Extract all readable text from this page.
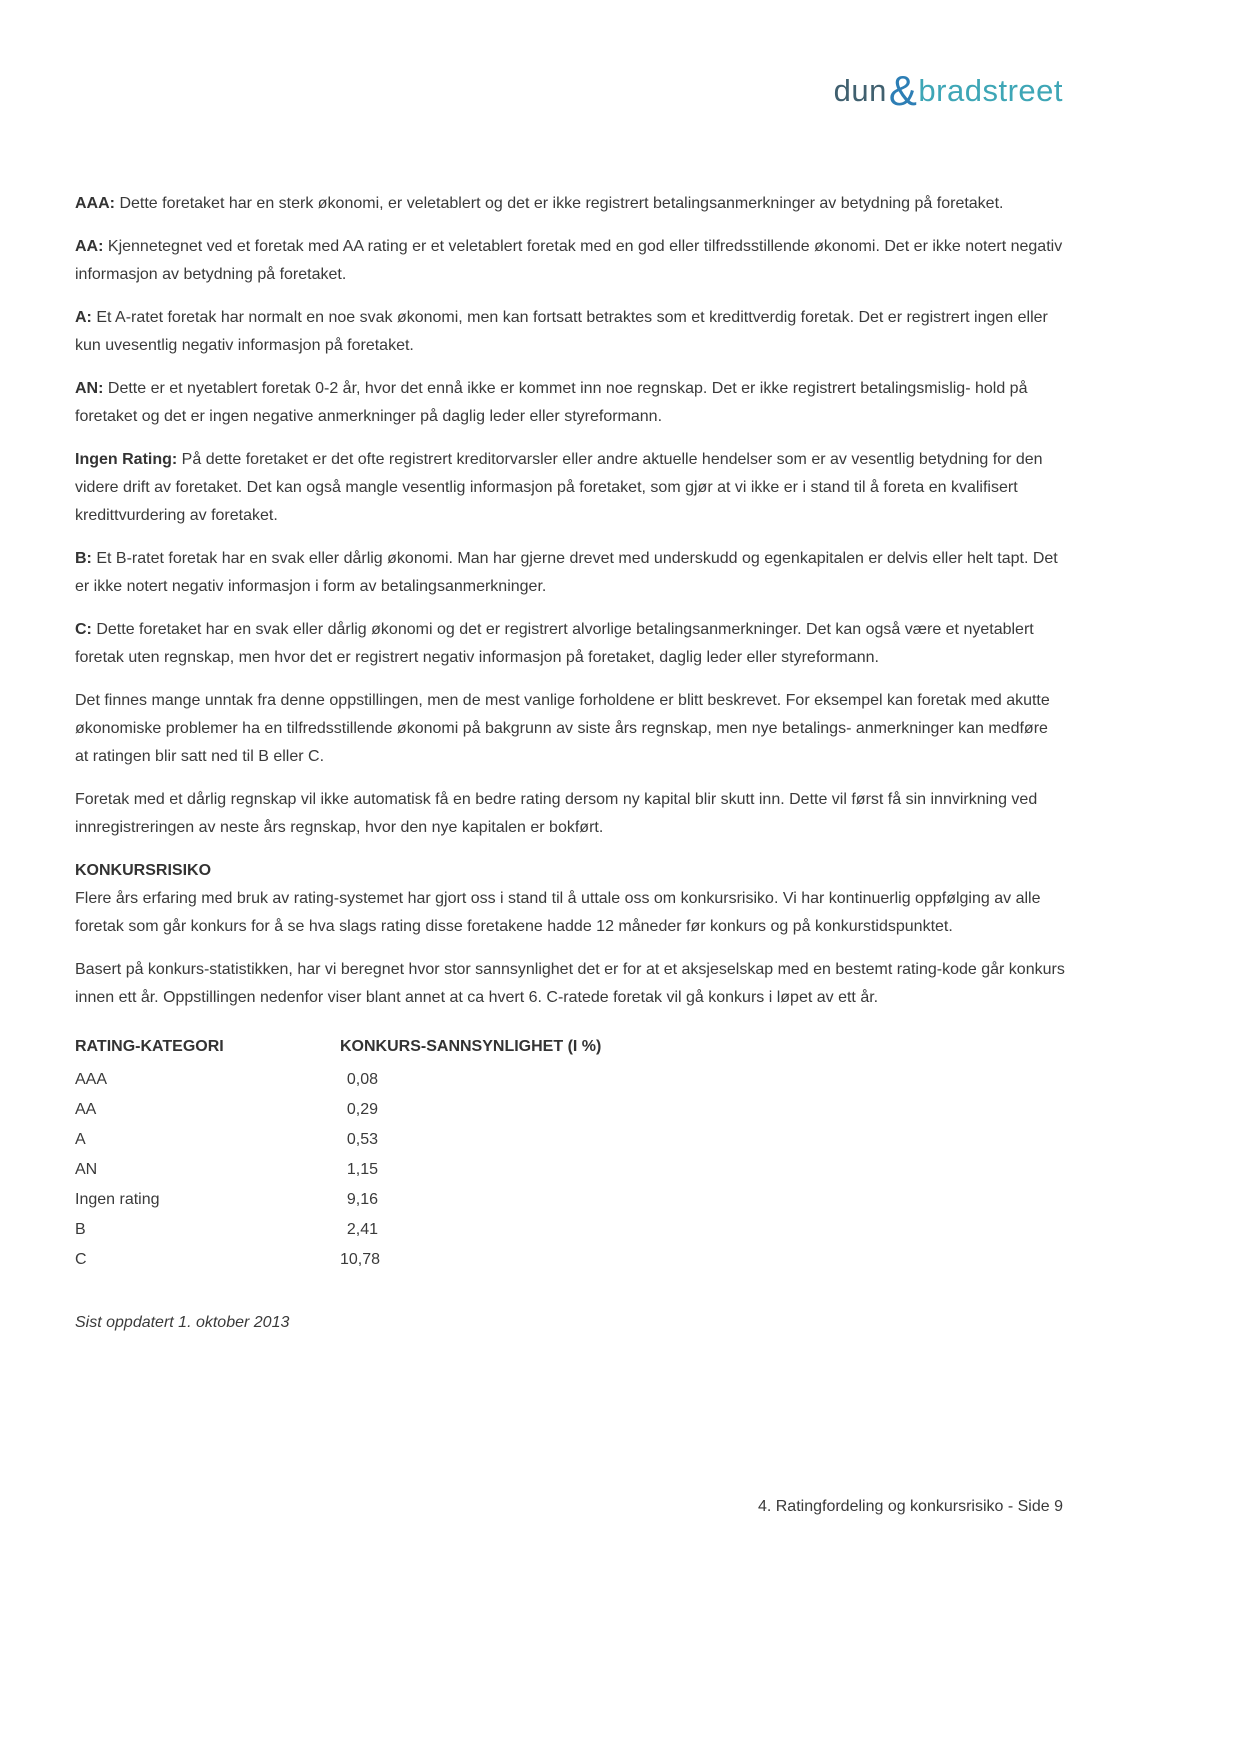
dun&bradstreet

AAA: Dette foretaket har en sterk økonomi, er veletablert og det er ikke registrert betalingsanmerkninger av betydning på foretaket.

AA: Kjennetegnet ved et foretak med AA rating er et veletablert foretak med en god eller tilfredsstillende økonomi. Det er ikke notert negativ informasjon av betydning på foretaket.

A: Et A-ratet foretak har normalt en noe svak økonomi, men kan fortsatt betraktes som et kredittverdig foretak. Det er registrert ingen eller kun uvesentlig negativ informasjon på foretaket.

AN: Dette er et nyetablert foretak 0-2 år, hvor det ennå ikke er kommet inn noe regnskap. Det er ikke registrert betalingsmislig- hold på foretaket og det er ingen negative anmerkninger på daglig leder eller styreformann.

Ingen Rating: På dette foretaket er det ofte registrert kreditorvarsler eller andre aktuelle hendelser som er av vesentlig betydning for den videre drift av foretaket. Det kan også mangle vesentlig informasjon på foretaket, som gjør at vi ikke er i stand til å foreta en kvalifisert kredittvurdering av foretaket.

B: Et B-ratet foretak har en svak eller dårlig økonomi. Man har gjerne drevet med underskudd og egenkapitalen er delvis eller helt tapt. Det er ikke notert negativ informasjon i form av betalingsanmerkninger.

C: Dette foretaket har en svak eller dårlig økonomi og det er registrert alvorlige betalingsanmerkninger. Det kan også være et nyetablert foretak uten regnskap, men hvor det er registrert negativ informasjon på foretaket, daglig leder eller styreformann.

Det finnes mange unntak fra denne oppstillingen, men de mest vanlige forholdene er blitt beskrevet. For eksempel kan foretak med akutte økonomiske problemer ha en tilfredsstillende økonomi på bakgrunn av siste års regnskap, men nye betalings- anmerkninger kan medføre at ratingen blir satt ned til B eller C.

Foretak med et dårlig regnskap vil ikke automatisk få en bedre rating dersom ny kapital blir skutt inn. Dette vil først få sin innvirkning ved innregistreringen av neste års regnskap, hvor den nye kapitalen er bokført.

KONKURSRISIKO

Flere års erfaring med bruk av rating-systemet har gjort oss i stand til å uttale oss om konkursrisiko. Vi har kontinuerlig oppfølging av alle foretak som går konkurs for å se hva slags rating disse foretakene hadde 12 måneder før konkurs og på konkurstidspunktet.

Basert på konkurs-statistikken, har vi beregnet hvor stor sannsynlighet det er for at et aksjeselskap med en bestemt rating-kode går konkurs innen ett år. Oppstillingen nedenfor viser blant annet at ca hvert 6. C-ratede foretak vil gå konkurs i løpet av ett år.

RATING-KATEGORI	KONKURS-SANNSYNLIGHET (I %)
AAA	0,08
AA	0,29
A	0,53
AN	1,15
Ingen rating	9,16
B	2,41
C	10,78

Sist oppdatert 1. oktober 2013

4. Ratingfordeling og konkursrisiko - Side 9
